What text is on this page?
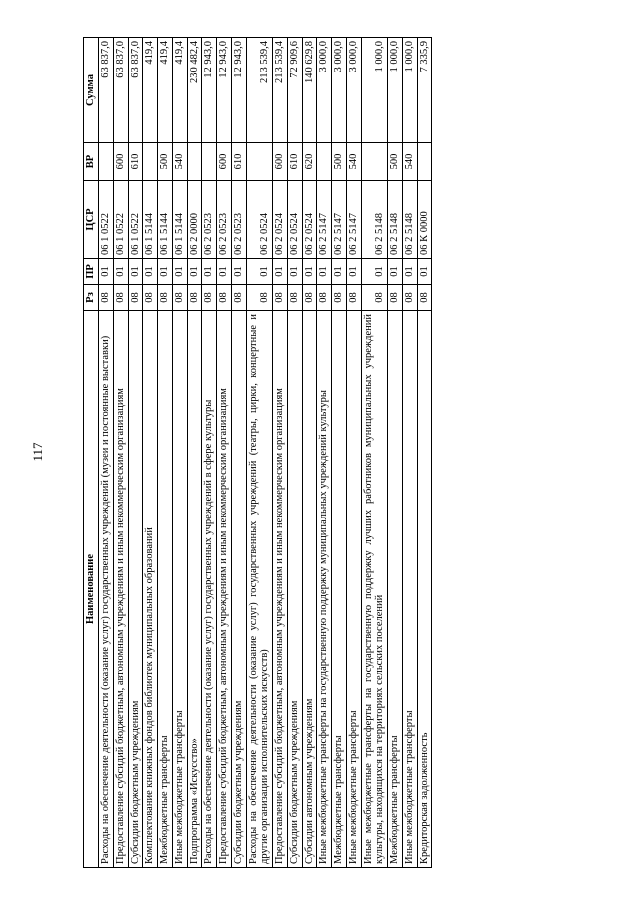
117
Наименование	Рз	ПР	ЦСР	ВР	Сумма
Расходы на обеспечение деятельности (оказание услуг) государственных учреждений (музеи и постоянные выставки)	08	01	06 1 0522		63 837,0
Предоставление субсидий бюджетным, автономным учреждениям и иным некоммерческим организациям	08	01	06 1 0522	600	63 837,0
Субсидии бюджетным учреждениям	08	01	06 1 0522	610	63 837,0
Комплектование книжных фондов библиотек муниципальных образований	08	01	06 1 5144		419,4
Межбюджетные трансферты	08	01	06 1 5144	500	419,4
Иные межбюджетные трансферты	08	01	06 1 5144	540	419,4
Подпрограмма «Искусство»	08	01	06 2 0000		230 482,4
Расходы на обеспечение деятельности (оказание услуг) государственных учреждений в сфере культуры	08	01	06 2 0523		12 943,0
Предоставление субсидий бюджетным, автономным учреждениям и иным некоммерческим организациям	08	01	06 2 0523	600	12 943,0
Субсидии бюджетным учреждениям	08	01	06 2 0523	610	12 943,0
Расходы на обеспечение деятельности (оказание услуг) государственных учреждений (театры, цирки, концертные и другие организации исполнительских искусств)	08	01	06 2 0524		213 539,4
Предоставление субсидий бюджетным, автономным учреждениям и иным некоммерческим организациям	08	01	06 2 0524	600	213 539,4
Субсидии бюджетным учреждениям	08	01	06 2 0524	610	72 909,6
Субсидии автономным учреждениям	08	01	06 2 0524	620	140 629,8
Иные межбюджетные трансферты на государственную поддержку муниципальных учреждений культуры	08	01	06 2 5147		3 000,0
Межбюджетные трансферты	08	01	06 2 5147	500	3 000,0
Иные межбюджетные трансферты	08	01	06 2 5147	540	3 000,0
Иные межбюджетные трансферты на государственную поддержку лучших работников муниципальных учреждений культуры, находящихся на территориях сельских поселений	08	01	06 2 5148		1 000,0
Межбюджетные трансферты	08	01	06 2 5148	500	1 000,0
Иные межбюджетные трансферты	08	01	06 2 5148	540	1 000,0
Кредиторская задолженность	08	01	06 К 0000		7 335,9
